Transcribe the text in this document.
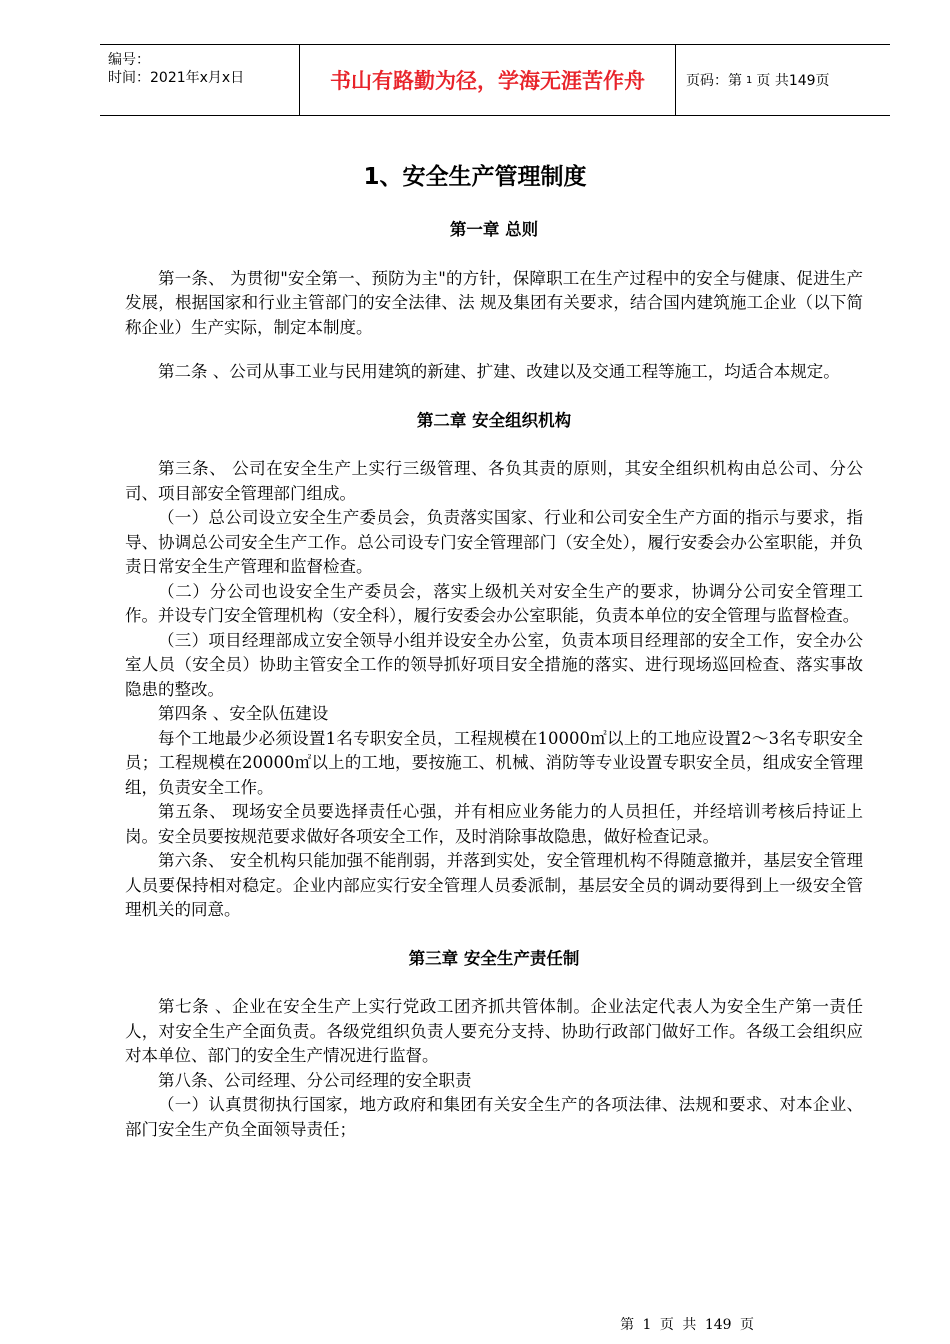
编号：
时间：2021年x月x日	书山有路勤为径，学海无涯苦作舟	页码：第 1 页 共149页
1、安全生产管理制度
第一章 总则

第一条、 为贯彻"安全第一、预防为主"的方针，保障职工在生产过程中的安全与健康、促进生产发展，根据国家和行业主管部门的安全法律、法 规及集团有关要求，结合国内建筑施工企业（以下简称企业）生产实际，制定本制度。

第二条 、公司从事工业与民用建筑的新建、扩建、改建以及交通工程等施工，均适合本规定。

第二章 安全组织机构

第三条、 公司在安全生产上实行三级管理、各负其责的原则，其安全组织机构由总公司、分公司、项目部安全管理部门组成。

（一）总公司设立安全生产委员会，负责落实国家、行业和公司安全生产方面的指示与要求，指导、协调总公司安全生产工作。总公司设专门安全管理部门（安全处），履行安委会办公室职能，并负责日常安全生产管理和监督检查。

（二）分公司也设安全生产委员会，落实上级机关对安全生产的要求，协调分公司安全管理工作。并设专门安全管理机构（安全科），履行安委会办公室职能，负责本单位的安全管理与监督检查。

（三）项目经理部成立安全领导小组并设安全办公室，负责本项目经理部的安全工作，安全办公室人员（安全员）协助主管安全工作的领导抓好项目安全措施的落实、进行现场巡回检查、落实事故隐患的整改。

第四条 、安全队伍建设

每个工地最少必须设置1名专职安全员，工程规模在10000㎡以上的工地应设置2～3名专职安全员；工程规模在20000㎡以上的工地，要按施工、机械、消防等专业设置专职安全员，组成安全管理组，负责安全工作。

第五条、 现场安全员要选择责任心强，并有相应业务能力的人员担任，并经培训考核后持证上岗。安全员要按规范要求做好各项安全工作，及时消除事故隐患，做好检查记录。

第六条、 安全机构只能加强不能削弱，并落到实处，安全管理机构不得随意撤并，基层安全管理人员要保持相对稳定。企业内部应实行安全管理人员委派制，基层安全员的调动要得到上一级安全管理机关的同意。

第三章 安全生产责任制

第七条 、企业在安全生产上实行党政工团齐抓共管体制。企业法定代表人为安全生产第一责任人，对安全生产全面负责。各级党组织负责人要充分支持、协助行政部门做好工作。各级工会组织应对本单位、部门的安全生产情况进行监督。

第八条、公司经理、分公司经理的安全职责

（一）认真贯彻执行国家，地方政府和集团有关安全生产的各项法律、法规和要求、对本企业、部门安全生产负全面领导责任；

第 1 页 共 149 页
